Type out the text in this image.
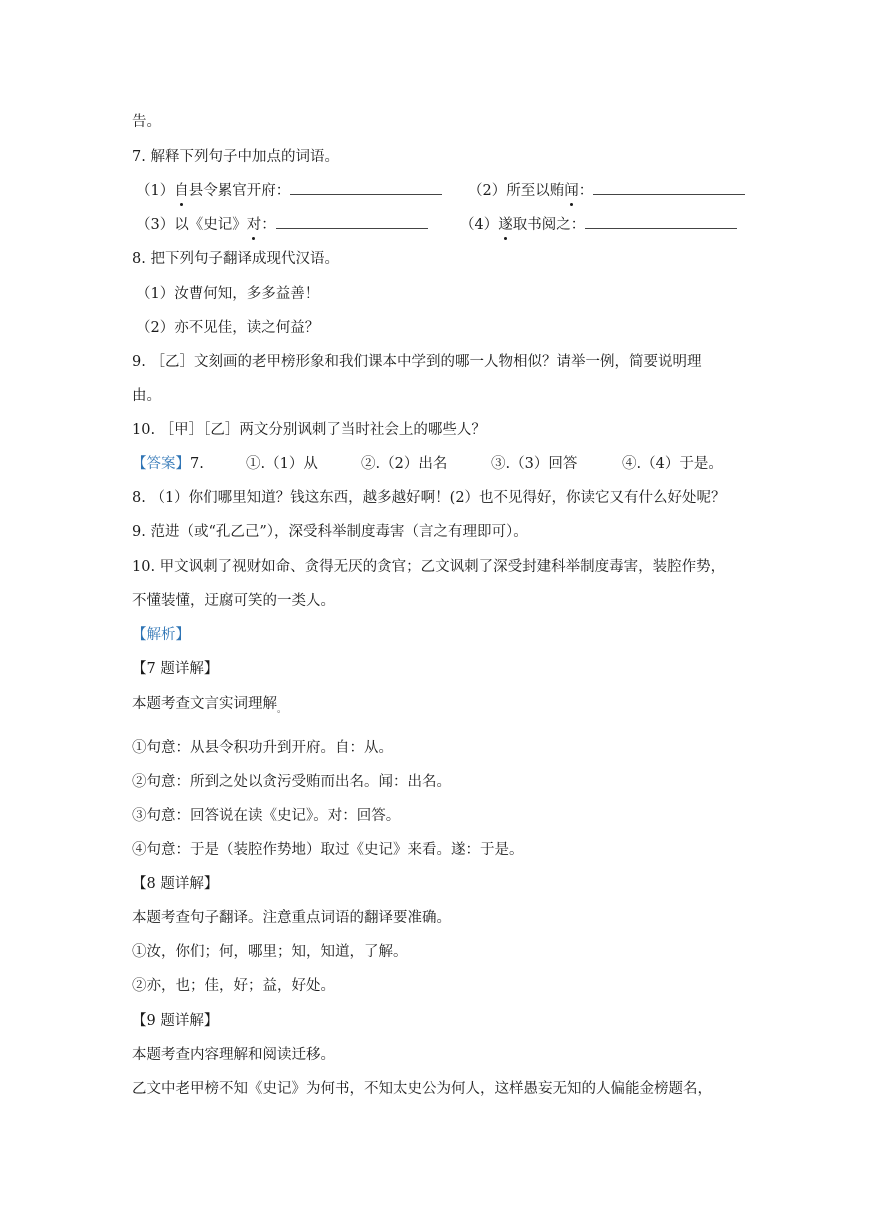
告。
7. 解释下列句子中加点的词语。
（1）自县令累官开府：	（2）所至以贿闻：
（3）以《史记》对：	（4）遂取书阅之：
8. 把下列句子翻译成现代汉语。
（1）汝曹何知，多多益善！
（2）亦不见佳，读之何益？
9. ［乙］文刻画的老甲榜形象和我们课本中学到的哪一人物相似？请举一例，简要说明理
由。
10. ［甲］［乙］两文分别讽刺了当时社会上的哪些人？
【答案】7.	①.（1）从	②.（2）出名	③.（3）回答	④.（4）于是。
8. （1）你们哪里知道？钱这东西，越多越好啊！(2）也不见得好，你读它又有什么好处呢？
9. 范进（或“孔乙己”），深受科举制度毒害（言之有理即可）。
10. 甲文讽刺了视财如命、贪得无厌的贪官；乙文讽刺了深受封建科举制度毒害，装腔作势，
不懂装懂，迂腐可笑的一类人。
【解析】
【7 题详解】
本题考查文言实词理解$_。$
①句意：从县令积功升到开府。自：从。
②句意：所到之处以贪污受贿而出名。闻：出名。
③句意：回答说在读《史记》。对：回答。
④句意：于是（装腔作势地）取过《史记》来看。遂：于是。
【8 题详解】
本题考查句子翻译。注意重点词语的翻译要准确。
①汝，你们；何，哪里；知，知道，了解。
②亦，也；佳，好；益，好处。
【9 题详解】
本题考查内容理解和阅读迁移。
乙文中老甲榜不知《史记》为何书，不知太史公为何人，这样愚妄无知的人偏能金榜题名，
